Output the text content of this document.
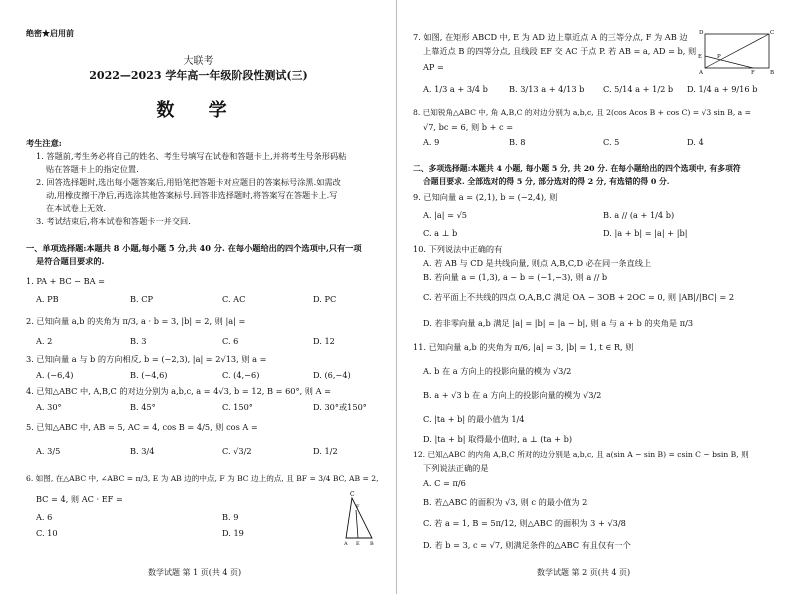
绝密★启用前
大联考
2022—2023 学年高一年级阶段性测试(三)
数 学
考生注意:
1. 答题前,考生务必将自己的姓名、考生号填写在试卷和答题卡上,并将考生号条形码粘
贴在答题卡上的指定位置.
2. 回答选择题时,选出每小题答案后,用铅笔把答题卡对应题目的答案标号涂黑.如需改
动,用橡皮擦干净后,再选涂其他答案标号.回答非选择题时,将答案写在答题卡上.写
在本试卷上无效.
3. 考试结束后,将本试卷和答题卡一并交回.
一、单项选择题:本题共 8 小题,每小题 5 分,共 40 分. 在每小题给出的四个选项中,只有一项
是符合题目要求的.
1. PA + BC − BA =
A. PB	B. CP	C. AC	D. PC
2. 已知向量 a,b 的夹角为 π/3, a · b = 3, |b| = 2, 则 |a| =
A. 2	B. 3	C. 6	D. 12
3. 已知向量 a 与 b 的方向相反, b = (−2,3), |a| = 2√13, 则 a =
A. (−6,4)	B. (−4,6)	C. (4,−6)	D. (6,−4)
4. 已知△ABC 中, A,B,C 的对边分别为 a,b,c, a = 4√3, b = 12, B = 60°, 则 A =
A. 30°	B. 45°	C. 150°	D. 30°或150°
5. 已知△ABC 中, AB = 5, AC = 4, cos B = 4/5, 则 cos A =
A. 3/5	B. 3/4	C. √3/2	D. 1/2
6. 如图, 在△ABC 中, ∠ABC = π/3, E 为 AB 边的中点, F 为 BC 边上的点, 且 BF = 3/4 BC, AB = 2,
BC = 4, 则 AC · EF =
A. 6	B. 9
C. 10	D. 19
C
F
A E B
数学试题 第 1 页(共 4 页)
7. 如图, 在矩形 ABCD 中, E 为 AD 边上靠近点 A 的三等分点, F 为 AB 边
上靠近点 B 的四等分点, 且线段 EF 交 AC 于点 P. 若 AB = a, AD = b, 则
AP =
D	C
E	P
A	F	B
A. 1/3 a + 3/4 b	B. 3/13 a + 4/13 b C. 5/14 a + 1/2 b D. 1/4 a + 9/16 b
8. 已知锐角△ABC 中, 角 A,B,C 的对边分别为 a,b,c, 且 2(cos Acos B + cos C) = √3 sin B, a =
√7, bc = 6, 则 b + c =
A. 9	B. 8	C. 5	D. 4
二、多项选择题:本题共 4 小题, 每小题 5 分, 共 20 分. 在每小题给出的四个选项中, 有多项符
合题目要求. 全部选对的得 5 分, 部分选对的得 2 分, 有选错的得 0 分.
9. 已知向量 a = (2,1), b = (−2,4), 则
A. |a| = √5	B. a // (a + 1/4 b)
C. a ⊥ b	D. |a + b| = |a| + |b|
10. 下列说法中正确的有
A. 若 AB 与 CD 是共线向量, 则点 A,B,C,D 必在同一条直线上
B. 若向量 a = (1,3), a − b = (−1,−3), 则 a // b
C. 若平面上不共线的四点 O,A,B,C 满足 OA − 3OB + 2OC = 0, 则 |AB|/|BC| = 2
D. 若非零向量 a,b 满足 |a| = |b| = |a − b|, 则 a 与 a + b 的夹角是 π/3
11. 已知向量 a,b 的夹角为 π/6, |a| = 3, |b| = 1, t ∈ R, 则
A. b 在 a 方向上的投影向量的模为 √3/2
B. a + √3 b 在 a 方向上的投影向量的模为 √3/2
C. |ta + b| 的最小值为 1/4
D. |ta + b| 取得最小值时, a ⊥ (ta + b)
12. 已知△ABC 的内角 A,B,C 所对的边分别是 a,b,c, 且 a(sin A − sin B) = csin C − bsin B, 则
下列说法正确的是
A. C = π/6
B. 若△ABC 的面积为 √3, 则 c 的最小值为 2
C. 若 a = 1, B = 5π/12, 则△ABC 的面积为 3 + √3/8
D. 若 b = 3, c = √7, 则满足条件的△ABC 有且仅有一个
数学试题 第 2 页(共 4 页)
